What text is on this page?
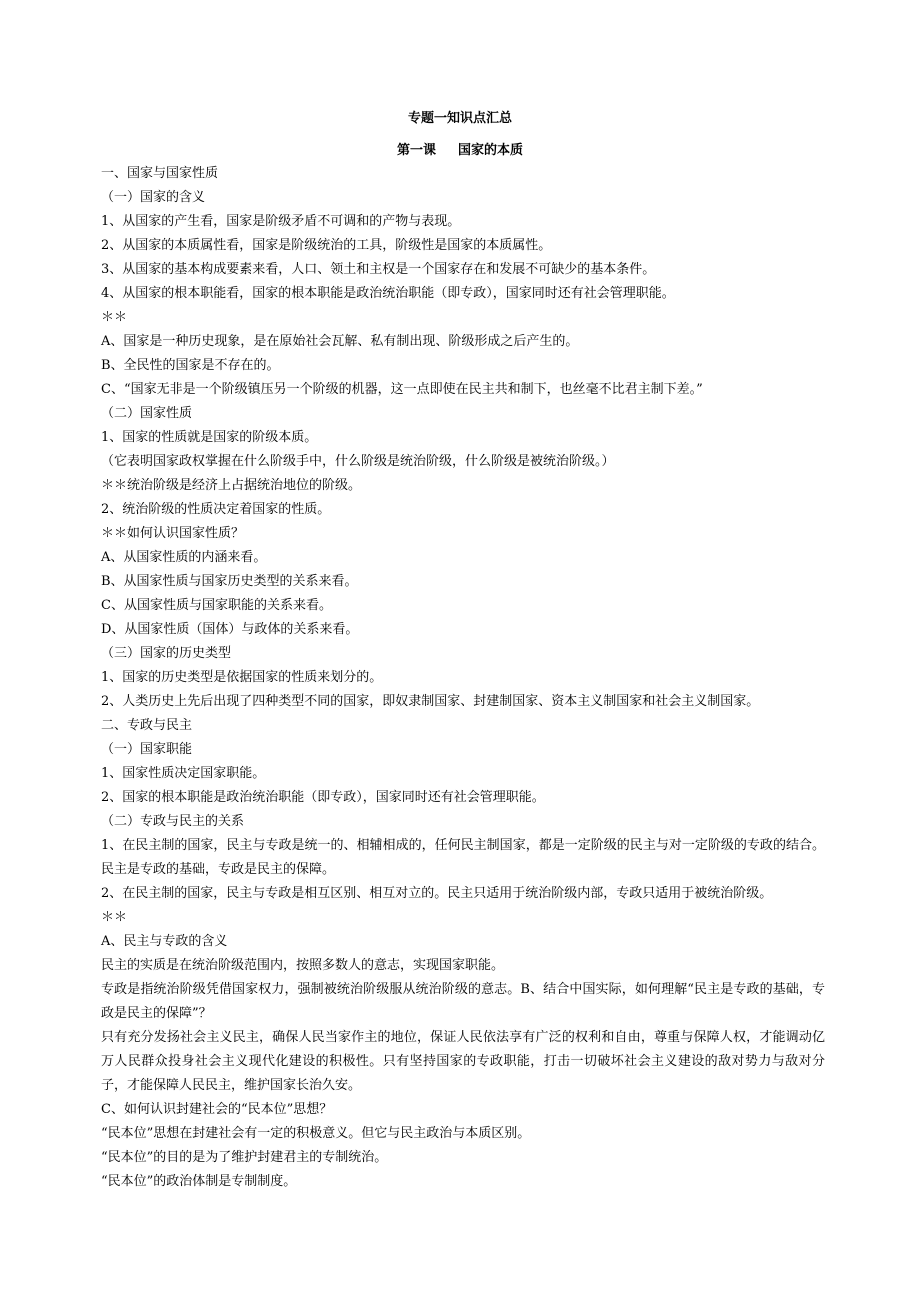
专题一知识点汇总
第一课 国家的本质

一、国家与国家性质

（一）国家的含义

1、从国家的产生看，国家是阶级矛盾不可调和的产物与表现。

2、从国家的本质属性看，国家是阶级统治的工具，阶级性是国家的本质属性。

3、从国家的基本构成要素来看，人口、领土和主权是一个国家存在和发展不可缺少的基本条件。

4、从国家的根本职能看，国家的根本职能是政治统治职能（即专政），国家同时还有社会管理职能。

＊＊

A、国家是一种历史现象，是在原始社会瓦解、私有制出现、阶级形成之后产生的。

B、全民性的国家是不存在的。

C、“国家无非是一个阶级镇压另一个阶级的机器，这一点即使在民主共和制下，也丝毫不比君主制下差。”

（二）国家性质

1、国家的性质就是国家的阶级本质。

（它表明国家政权掌握在什么阶级手中，什么阶级是统治阶级，什么阶级是被统治阶级。）

＊＊统治阶级是经济上占据统治地位的阶级。

2、统治阶级的性质决定着国家的性质。

＊＊如何认识国家性质？

A、从国家性质的内涵来看。

B、从国家性质与国家历史类型的关系来看。

C、从国家性质与国家职能的关系来看。

D、从国家性质（国体）与政体的关系来看。

（三）国家的历史类型

1、国家的历史类型是依据国家的性质来划分的。

2、人类历史上先后出现了四种类型不同的国家，即奴隶制国家、封建制国家、资本主义制国家和社会主义制国家。

二、专政与民主

（一）国家职能

1、国家性质决定国家职能。

2、国家的根本职能是政治统治职能（即专政），国家同时还有社会管理职能。

（二）专政与民主的关系

1、在民主制的国家，民主与专政是统一的、相辅相成的，任何民主制国家，都是一定阶级的民主与对一定阶级的专政的结合。民主是专政的基础，专政是民主的保障。

2、在民主制的国家，民主与专政是相互区别、相互对立的。民主只适用于统治阶级内部，专政只适用于被统治阶级。

＊＊

A、民主与专政的含义

民主的实质是在统治阶级范围内，按照多数人的意志，实现国家职能。

专政是指统治阶级凭借国家权力，强制被统治阶级服从统治阶级的意志。B、结合中国实际，如何理解“民主是专政的基础，专政是民主的保障”？

只有充分发扬社会主义民主，确保人民当家作主的地位，保证人民依法享有广泛的权利和自由，尊重与保障人权，才能调动亿万人民群众投身社会主义现代化建设的积极性。只有坚持国家的专政职能，打击一切破坏社会主义建设的敌对势力与敌对分子，才能保障人民民主，维护国家长治久安。

C、如何认识封建社会的“民本位”思想？

“民本位”思想在封建社会有一定的积极意义。但它与民主政治与本质区别。

“民本位”的目的是为了维护封建君主的专制统治。

“民本位”的政治体制是专制制度。
